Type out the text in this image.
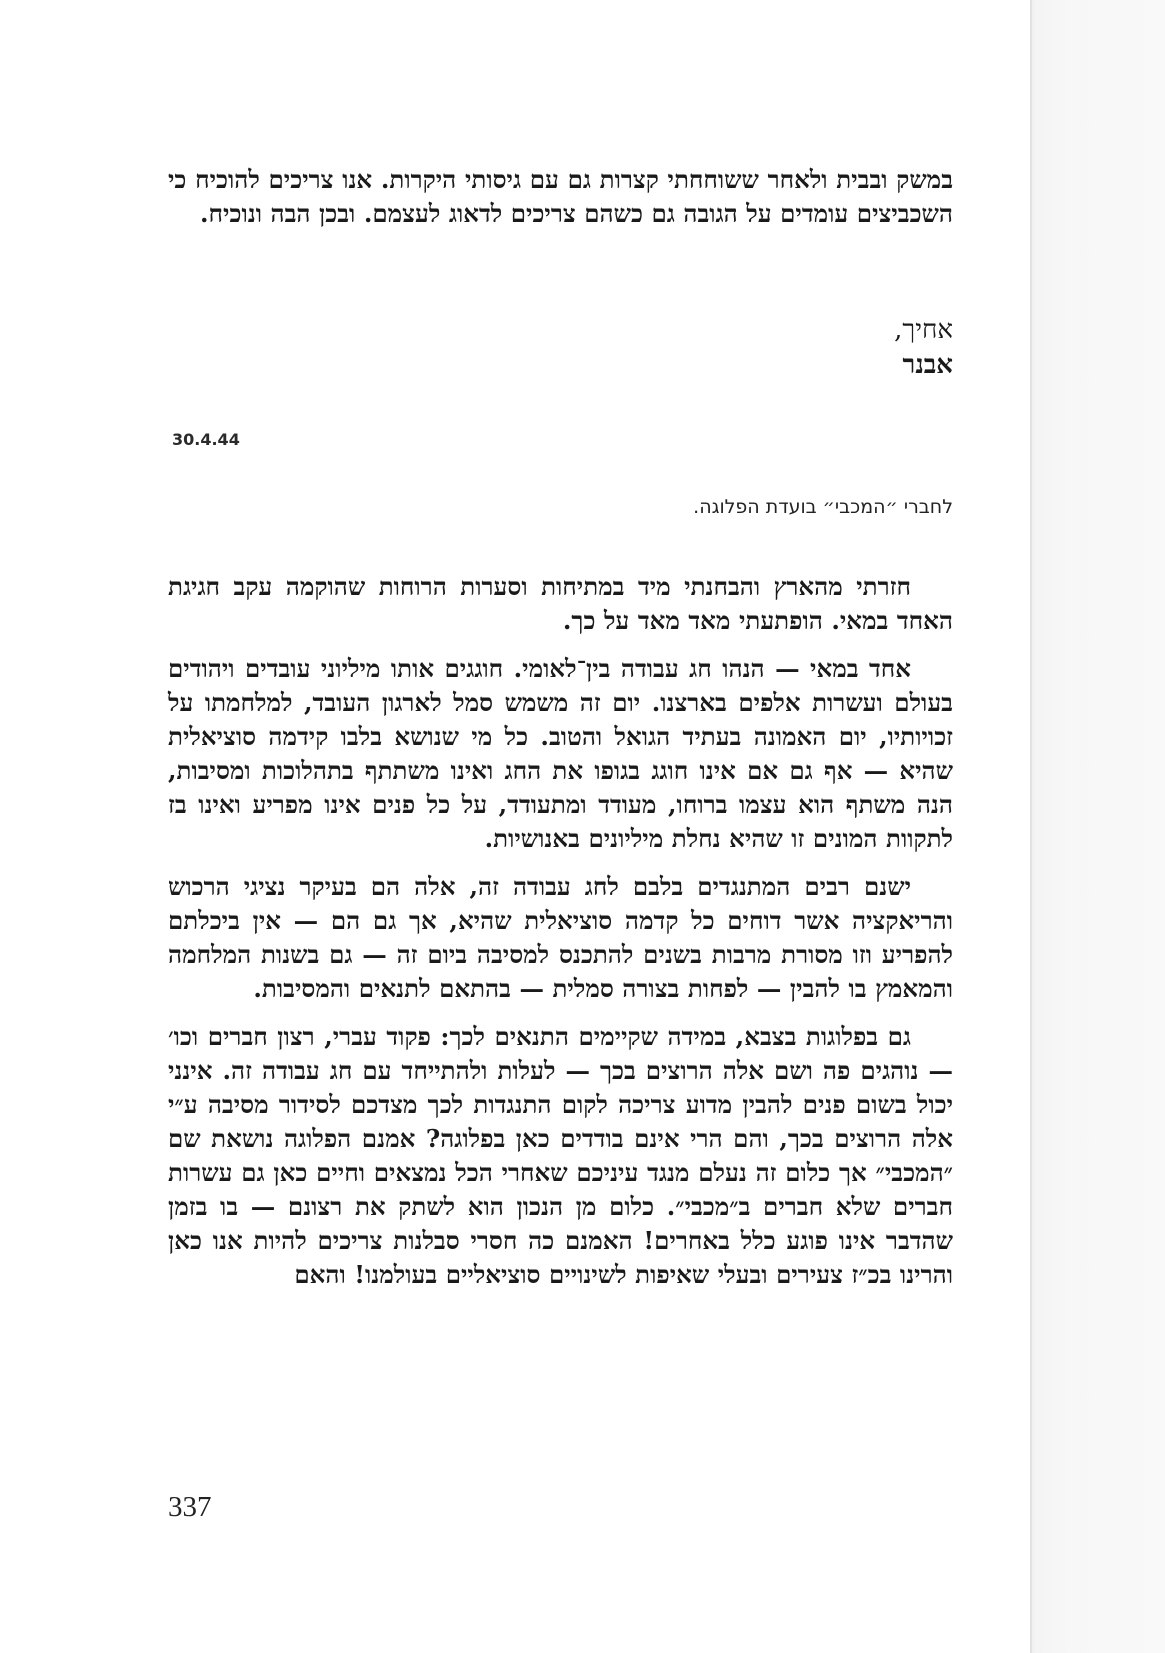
במשק ובבית ולאחר ששוחחתי קצרות גם עם גיסותי היקרות. אנו צריכים להוכיח כי השכביצים עומדים על הגובה גם כשהם צריכים לדאוג לעצמם. ובכן הבה ונוכיח.

אחיך,
אבנר
30.4.44
לחברי ״המכבי״ בועדת הפלוגה.

חזרתי מהארץ והבחנתי מיד במתיחות וסערות הרוחות שהוקמה עקב חגיגת האחד במאי. הופתעתי מאד מאד על כך.

אחד במאי — הנהו חג עבודה בין־לאומי. חוגגים אותו מיליוני עובדים ויהודים בעולם ועשרות אלפים בארצנו. יום זה משמש סמל לארגון העובד, למלחמתו על זכויותיו, יום האמונה בעתיד הגואל והטוב. כל מי שנושא בלבו קידמה סוציאלית שהיא — אף גם אם אינו חוגג בגופו את החג ואינו משתתף בתהלוכות ומסיבות, הנה משתף הוא עצמו ברוחו, מעודד ומתעודד, על כל פנים אינו מפריע ואינו בז לתקוות המונים זו שהיא נחלת מיליונים באנושיות.

ישנם רבים המתנגדים בלבם לחג עבודה זה, אלה הם בעיקר נציגי הרכוש והריאקציה אשר דוחים כל קדמה סוציאלית שהיא, אך גם הם — אין ביכלתם להפריע וזו מסורת מרבות בשנים להתכנס למסיבה ביום זה — גם בשנות המלחמה והמאמץ בו להבין — לפחות בצורה סמלית — בהתאם לתנאים והמסיבות.

גם בפלוגות בצבא, במידה שקיימים התנאים לכך: פקוד עברי, רצון חברים וכו׳ — נוהגים פה ושם אלה הרוצים בכך — לעלות ולהתייחד עם חג עבודה זה. אינני יכול בשום פנים להבין מדוע צריכה לקום התנגדות לכך מצדכם לסידור מסיבה ע״י אלה הרוצים בכך, והם הרי אינם בודדים כאן בפלוגה? אמנם הפלוגה נושאת שם ״המכבי״ אך כלום זה נעלם מנגד עיניכם שאחרי הכל נמצאים וחיים כאן גם עשרות חברים שלא חברים ב״מכבי״. כלום מן הנכון הוא לשתק את רצונם — בו בזמן שהדבר אינו פוגע כלל באחרים! האמנם כה חסרי סבלנות צריכים להיות אנו כאן והרינו בכ״ז צעירים ובעלי שאיפות לשינויים סוציאליים בעולמנו! והאם

337
